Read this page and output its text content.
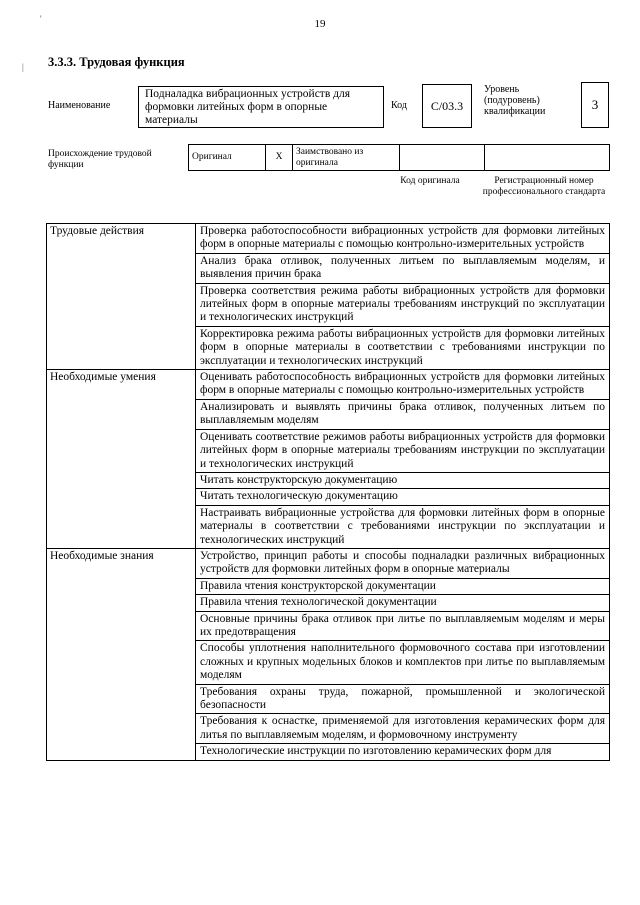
19
'
| 3.3.3. Трудовая функция
Наименование
Подналадка вибрационных устройств для формовки литейных форм в опорные материалы
Код	C/03.3
Уровень (подуровень) квалификации	3
Происхождение трудовой функции
Оригинал	X	Заимствовано из оригинала		
Код оригинала	Регистрационный номер профессионального стандарта
Трудовые действия	Проверка работоспособности вибрационных устройств для формовки литейных форм в опорные материалы с помощью контрольно-измерительных устройств
	Анализ брака отливок, полученных литьем по выплавляемым моделям, и выявления причин брака
	Проверка соответствия режима работы вибрационных устройств для формовки литейных форм в опорные материалы требованиям инструкций по эксплуатации и технологических инструкций
	Корректировка режима работы вибрационных устройств для формовки литейных форм в опорные материалы в соответствии с требованиями инструкции по эксплуатации и технологических инструкций
Необходимые умения	Оценивать работоспособность вибрационных устройств для формовки литейных форм в опорные материалы с помощью контрольно-измерительных устройств
	Анализировать и выявлять причины брака отливок, полученных литьем по выплавляемым моделям
	Оценивать соответствие режимов работы вибрационных устройств для формовки литейных форм в опорные материалы требованиям инструкции по эксплуатации и технологических инструкций
	Читать конструкторскую документацию
	Читать технологическую документацию
	Настраивать вибрационные устройства для формовки литейных форм в опорные материалы в соответствии с требованиями инструкции по эксплуатации и технологических инструкций
Необходимые знания	Устройство, принцип работы и способы подналадки различных вибрационных устройств для формовки литейных форм в опорные материалы
	Правила чтения конструкторской документации
	Правила чтения технологической документации
	Основные причины брака отливок при литье по выплавляемым моделям и меры их предотвращения
	Способы уплотнения наполнительного формовочного состава при изготовлении сложных и крупных модельных блоков и комплектов при литье по выплавляемым моделям
	Требования охраны труда, пожарной, промышленной и экологической безопасности
	Требования к оснастке, применяемой для изготовления керамических форм для литья по выплавляемым моделям, и формовочному инструменту
	Технологические инструкции по изготовлению керамических форм для
